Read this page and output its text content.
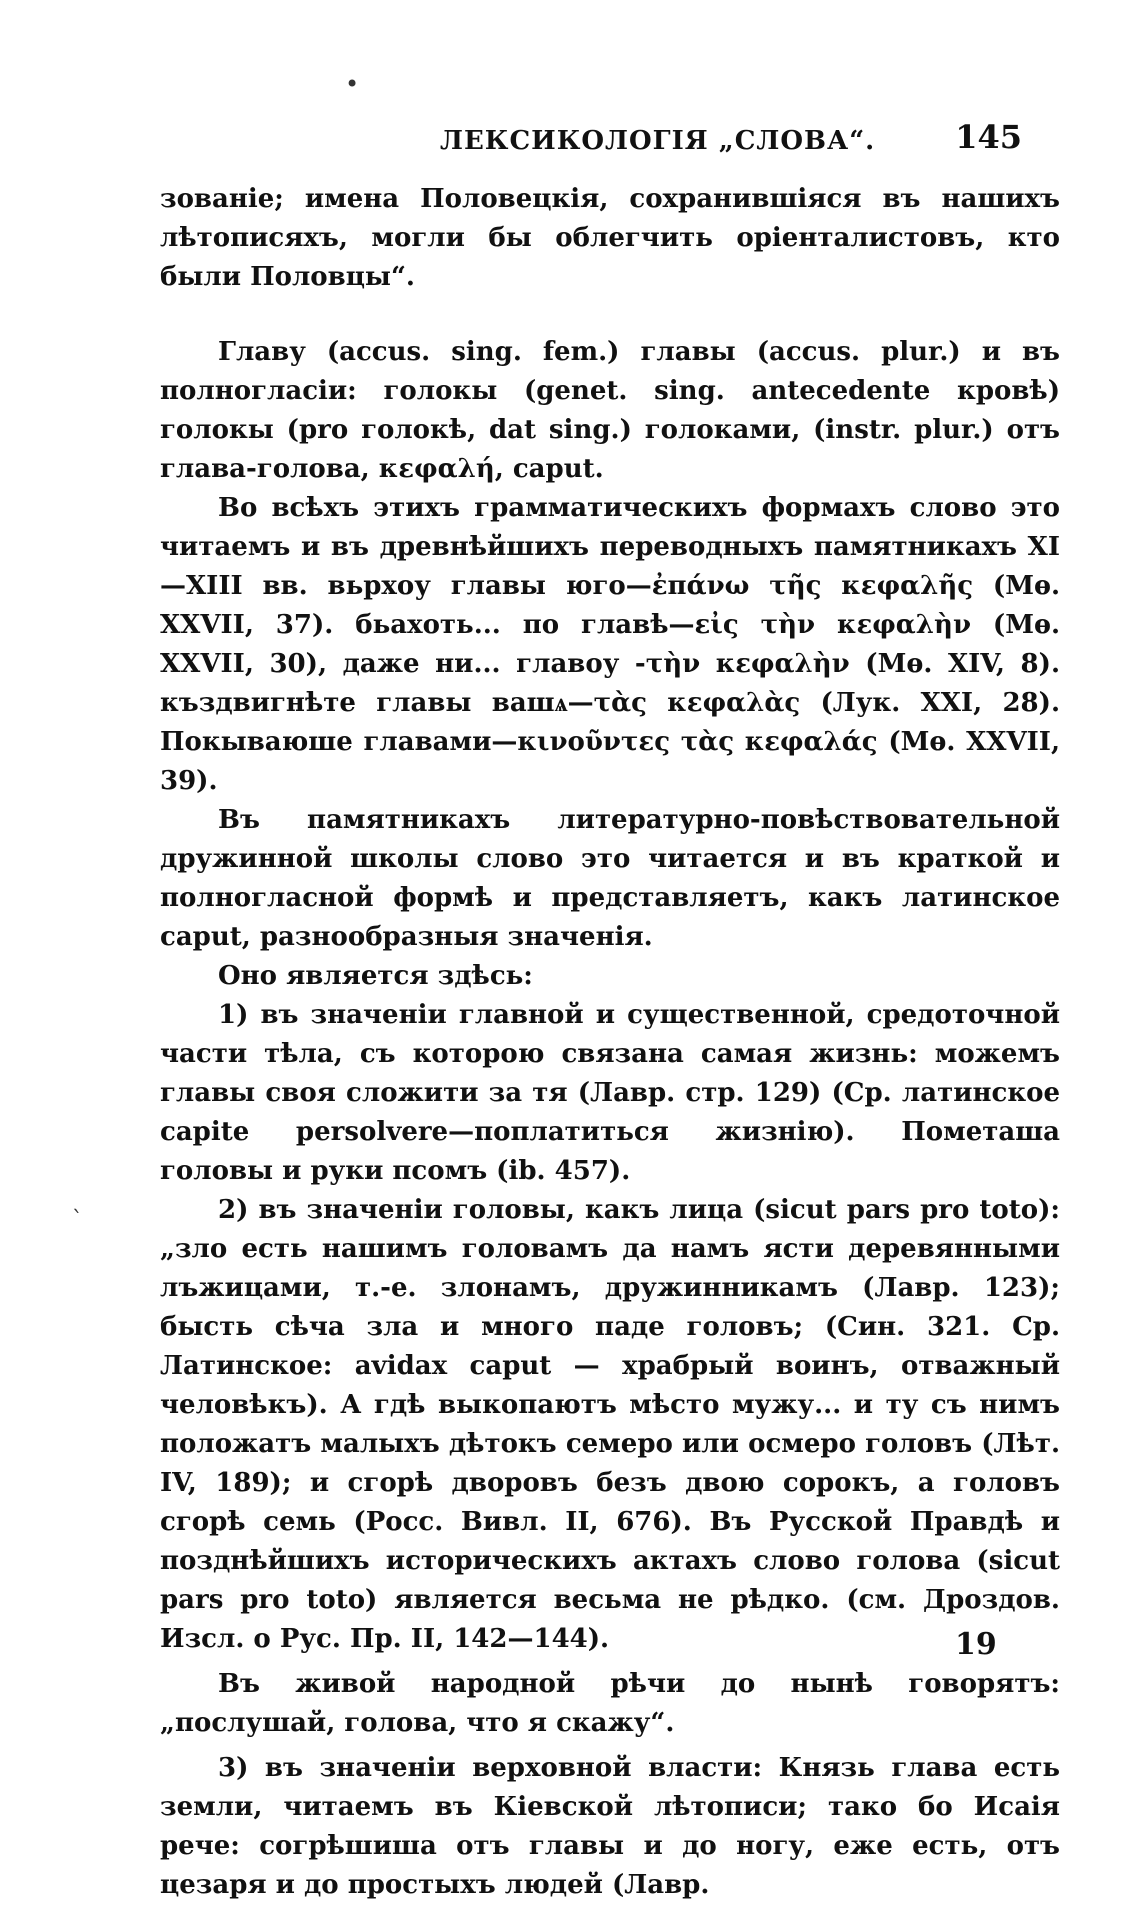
•
ЛЕКСИКОЛОГІЯ „СЛОВА“.	145
`

зованіе; имена Половецкія, сохранившіяся въ нашихъ лѣтописяхъ, могли бы облегчить оріенталистовъ, кто были Половцы“.

Главу (accus. sing. fem.) главы (accus. plur.) и въ полногласіи: голокы (genet. sing. antecedente кровѣ) голокы (pro голокѣ, dat sing.) голоками, (instr. plur.) отъ глава-голова, κεφαλή, caput.

Во всѣхъ этихъ грамматическихъ формахъ слово это читаемъ и въ древнѣйшихъ переводныхъ памятникахъ XI—XIII вв. вьрхоу главы юго—ἐπάνω τῆς κεφαλῆς (Мѳ. XXVII, 37). бьахоть... по главѣ—εἰς τὴν κεφαλὴν (Мѳ. XXVII, 30), даже ни... главоу -τὴν κεφαλὴν (Мѳ. XIV, 8). къздвигнѣте главы вашѧ—τὰς κεφαλὰς (Лук. XXI, 28). Покываюше главами—κινοῦντες τὰς κεφαλάς (Мѳ. XXVII, 39).

Въ памятникахъ литературно-повѣствовательной дружинной школы слово это читается и въ краткой и полногласной формѣ и представляетъ, какъ латинское caput, разнообразныя значенія.

Оно является здѣсь:

1) въ значеніи главной и существенной, средоточной части тѣла, съ которою связана самая жизнь: можемъ главы своя сложити за тя (Лавр. стр. 129) (Ср. латинское capite persolvere—поплатиться жизнію). Пометаша головы и руки псомъ (ib. 457).

2) въ значеніи головы, какъ лица (sicut pars pro toto): „зло есть нашимъ головамъ да намъ ясти деревянными лъжицами, т.-е. злонамъ, дружинникамъ (Лавр. 123); бысть сѣча зла и много паде головъ; (Син. 321. Ср. Латинское: avidax caput — храбрый воинъ, отважный человѣкъ). А гдѣ выкопаютъ мѣсто мужу... и ту съ нимъ положатъ малыхъ дѣтокъ семеро или осмеро головъ (Лѣт. IV, 189); и сгорѣ дворовъ безъ двою сорокъ, а головъ сгорѣ семь (Росс. Вивл. II, 676). Въ Русской Правдѣ и позднѣйшихъ историческихъ актахъ слово голова (sicut pars pro toto) является весьма не рѣдко. (см. Дроздов. Изсл. о Рус. Пр. II, 142—144).

Въ живой народной рѣчи до нынѣ говорятъ: „послушай, голова, что я скажу“.

3) въ значеніи верховной власти: Князь глава есть земли, читаемъ въ Кіевской лѣтописи; тако бо Исаія рече: согрѣшиша отъ главы и до ногу, еже есть, отъ цезаря и до простыхъ людей (Лавр.

19
